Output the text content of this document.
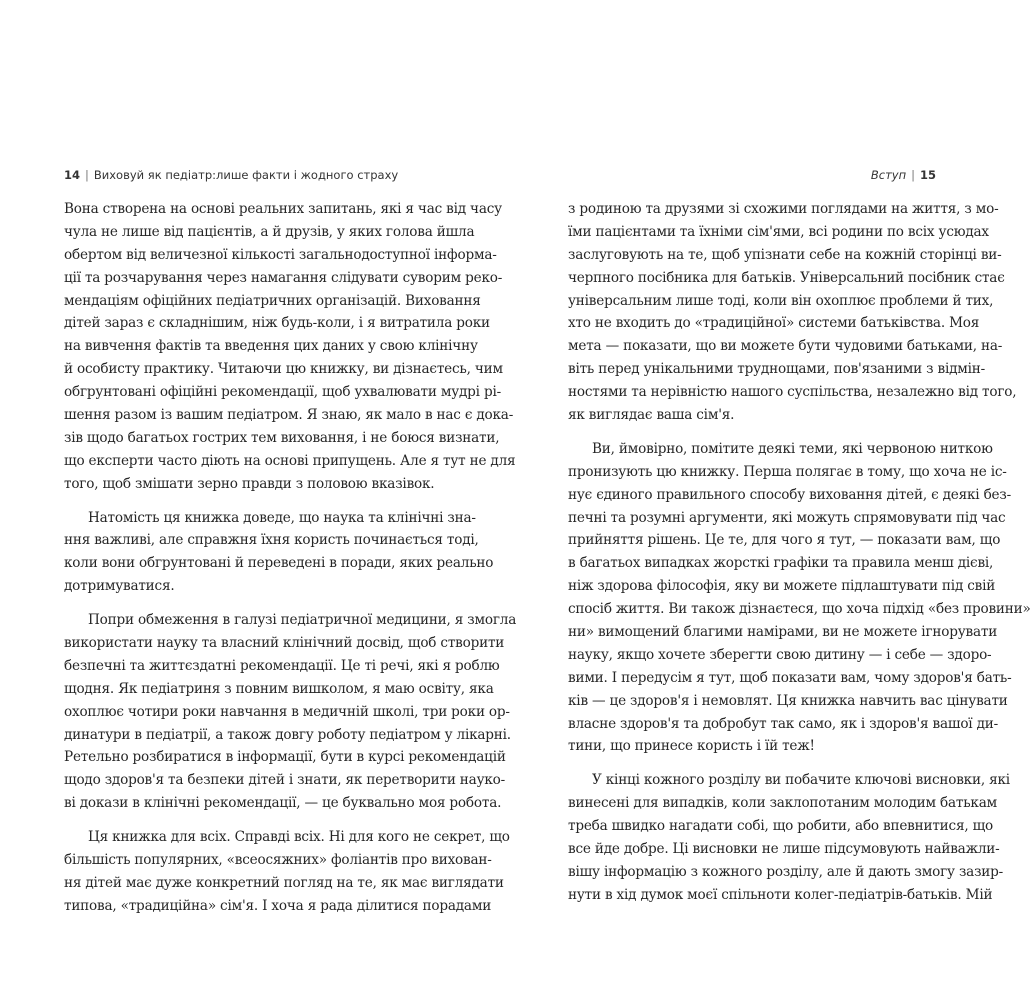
14 | Виховуй як педіатр:лише факти і жодного страху	Вступ | 15
Вона створена на основі реальних запитань, які я час від часу
чула не лише від пацієнтів, а й друзів, у яких голова йшла
обертом від величезної кількості загальнодоступної інформа-
ції та розчарування через намагання слідувати суворим реко-
мендаціям офіційних педіатричних організацій. Виховання
дітей зараз є складнішим, ніж будь-коли, і я витратила роки
на вивчення фактів та введення цих даних у свою клінічну
й особисту практику. Читаючи цю книжку, ви дізнаєтесь, чим
обгрунтовані офіційні рекомендації, щоб ухвалювати мудрі рі-
шення разом із вашим педіатром. Я знаю, як мало в нас є дока-
зів щодо багатьох гострих тем виховання, і не боюся визнати,
що експерти часто діють на основі припущень. Але я тут не для
того, щоб змішати зерно правди з половою вказівок.
Натомість ця книжка доведе, що наука та клінічні зна-
ння важливі, але справжня їхня користь починається тоді,
коли вони обгрунтовані й переведені в поради, яких реально
дотримуватися.
Попри обмеження в галузі педіатричної медицини, я змогла
використати науку та власний клінічний досвід, щоб створити
безпечні та життєздатні рекомендації. Це ті речі, які я роблю
щодня. Як педіатриня з повним вишколом, я маю освіту, яка
охоплює чотири роки навчання в медичній школі, три роки ор-
динатури в педіатрії, а також довгу роботу педіатром у лікарні.
Ретельно розбиратися в інформації, бути в курсі рекомендацій
щодо здоров'я та безпеки дітей і знати, як перетворити науко-
ві докази в клінічні рекомендації, — це буквально моя робота.
Ця книжка для всіх. Справді всіх. Ні для кого не секрет, що
більшість популярних, «всеосяжних» фоліантів про вихован-
ня дітей має дуже конкретний погляд на те, як має виглядати
типова, «традиційна» сім'я. І хоча я рада ділитися порадами
з родиною та друзями зі схожими поглядами на життя, з мо-
їми пацієнтами та їхніми сім'ями, всі родини по всіх усюдах
заслуговують на те, щоб упізнати себе на кожній сторінці ви-
черпного посібника для батьків. Універсальний посібник стає
універсальним лише тоді, коли він охоплює проблеми й тих,
хто не входить до «традиційної» системи батьківства. Моя
мета — показати, що ви можете бути чудовими батьками, на-
віть перед унікальними труднощами, пов'язаними з відмін-
ностями та нерівністю нашого суспільства, незалежно від того,
як виглядає ваша сім'я.
Ви, ймовірно, помітите деякі теми, які червоною ниткою
пронизують цю книжку. Перша полягає в тому, що хоча не іс-
нує єдиного правильного способу виховання дітей, є деякі без-
печні та розумні аргументи, які можуть спрямовувати під час
прийняття рішень. Це те, для чого я тут, — показати вам, що
в багатьох випадках жорсткі графіки та правила менш дієві,
ніж здорова філософія, яку ви можете підлаштувати під свій
спосіб життя. Ви також дізнаєтеся, що хоча підхід «без провини»
ни» вимощений благими намірами, ви не можете ігнорувати
науку, якщо хочете зберегти свою дитину — і себе — здоро-
вими. І передусім я тут, щоб показати вам, чому здоров'я бать-
ків — це здоров'я і немовлят. Ця книжка навчить вас цінувати
власне здоров'я та добробут так само, як і здоров'я вашої ди-
тини, що принесе користь і їй теж!
У кінці кожного розділу ви побачите ключові висновки, які
винесені для випадків, коли заклопотаним молодим батькам
треба швидко нагадати собі, що робити, або впевнитися, що
все йде добре. Ці висновки не лише підсумовують найважли-
вішу інформацію з кожного розділу, але й дають змогу зазир-
нути в хід думок моєї спільноти колег-педіатрів-батьків. Мій
